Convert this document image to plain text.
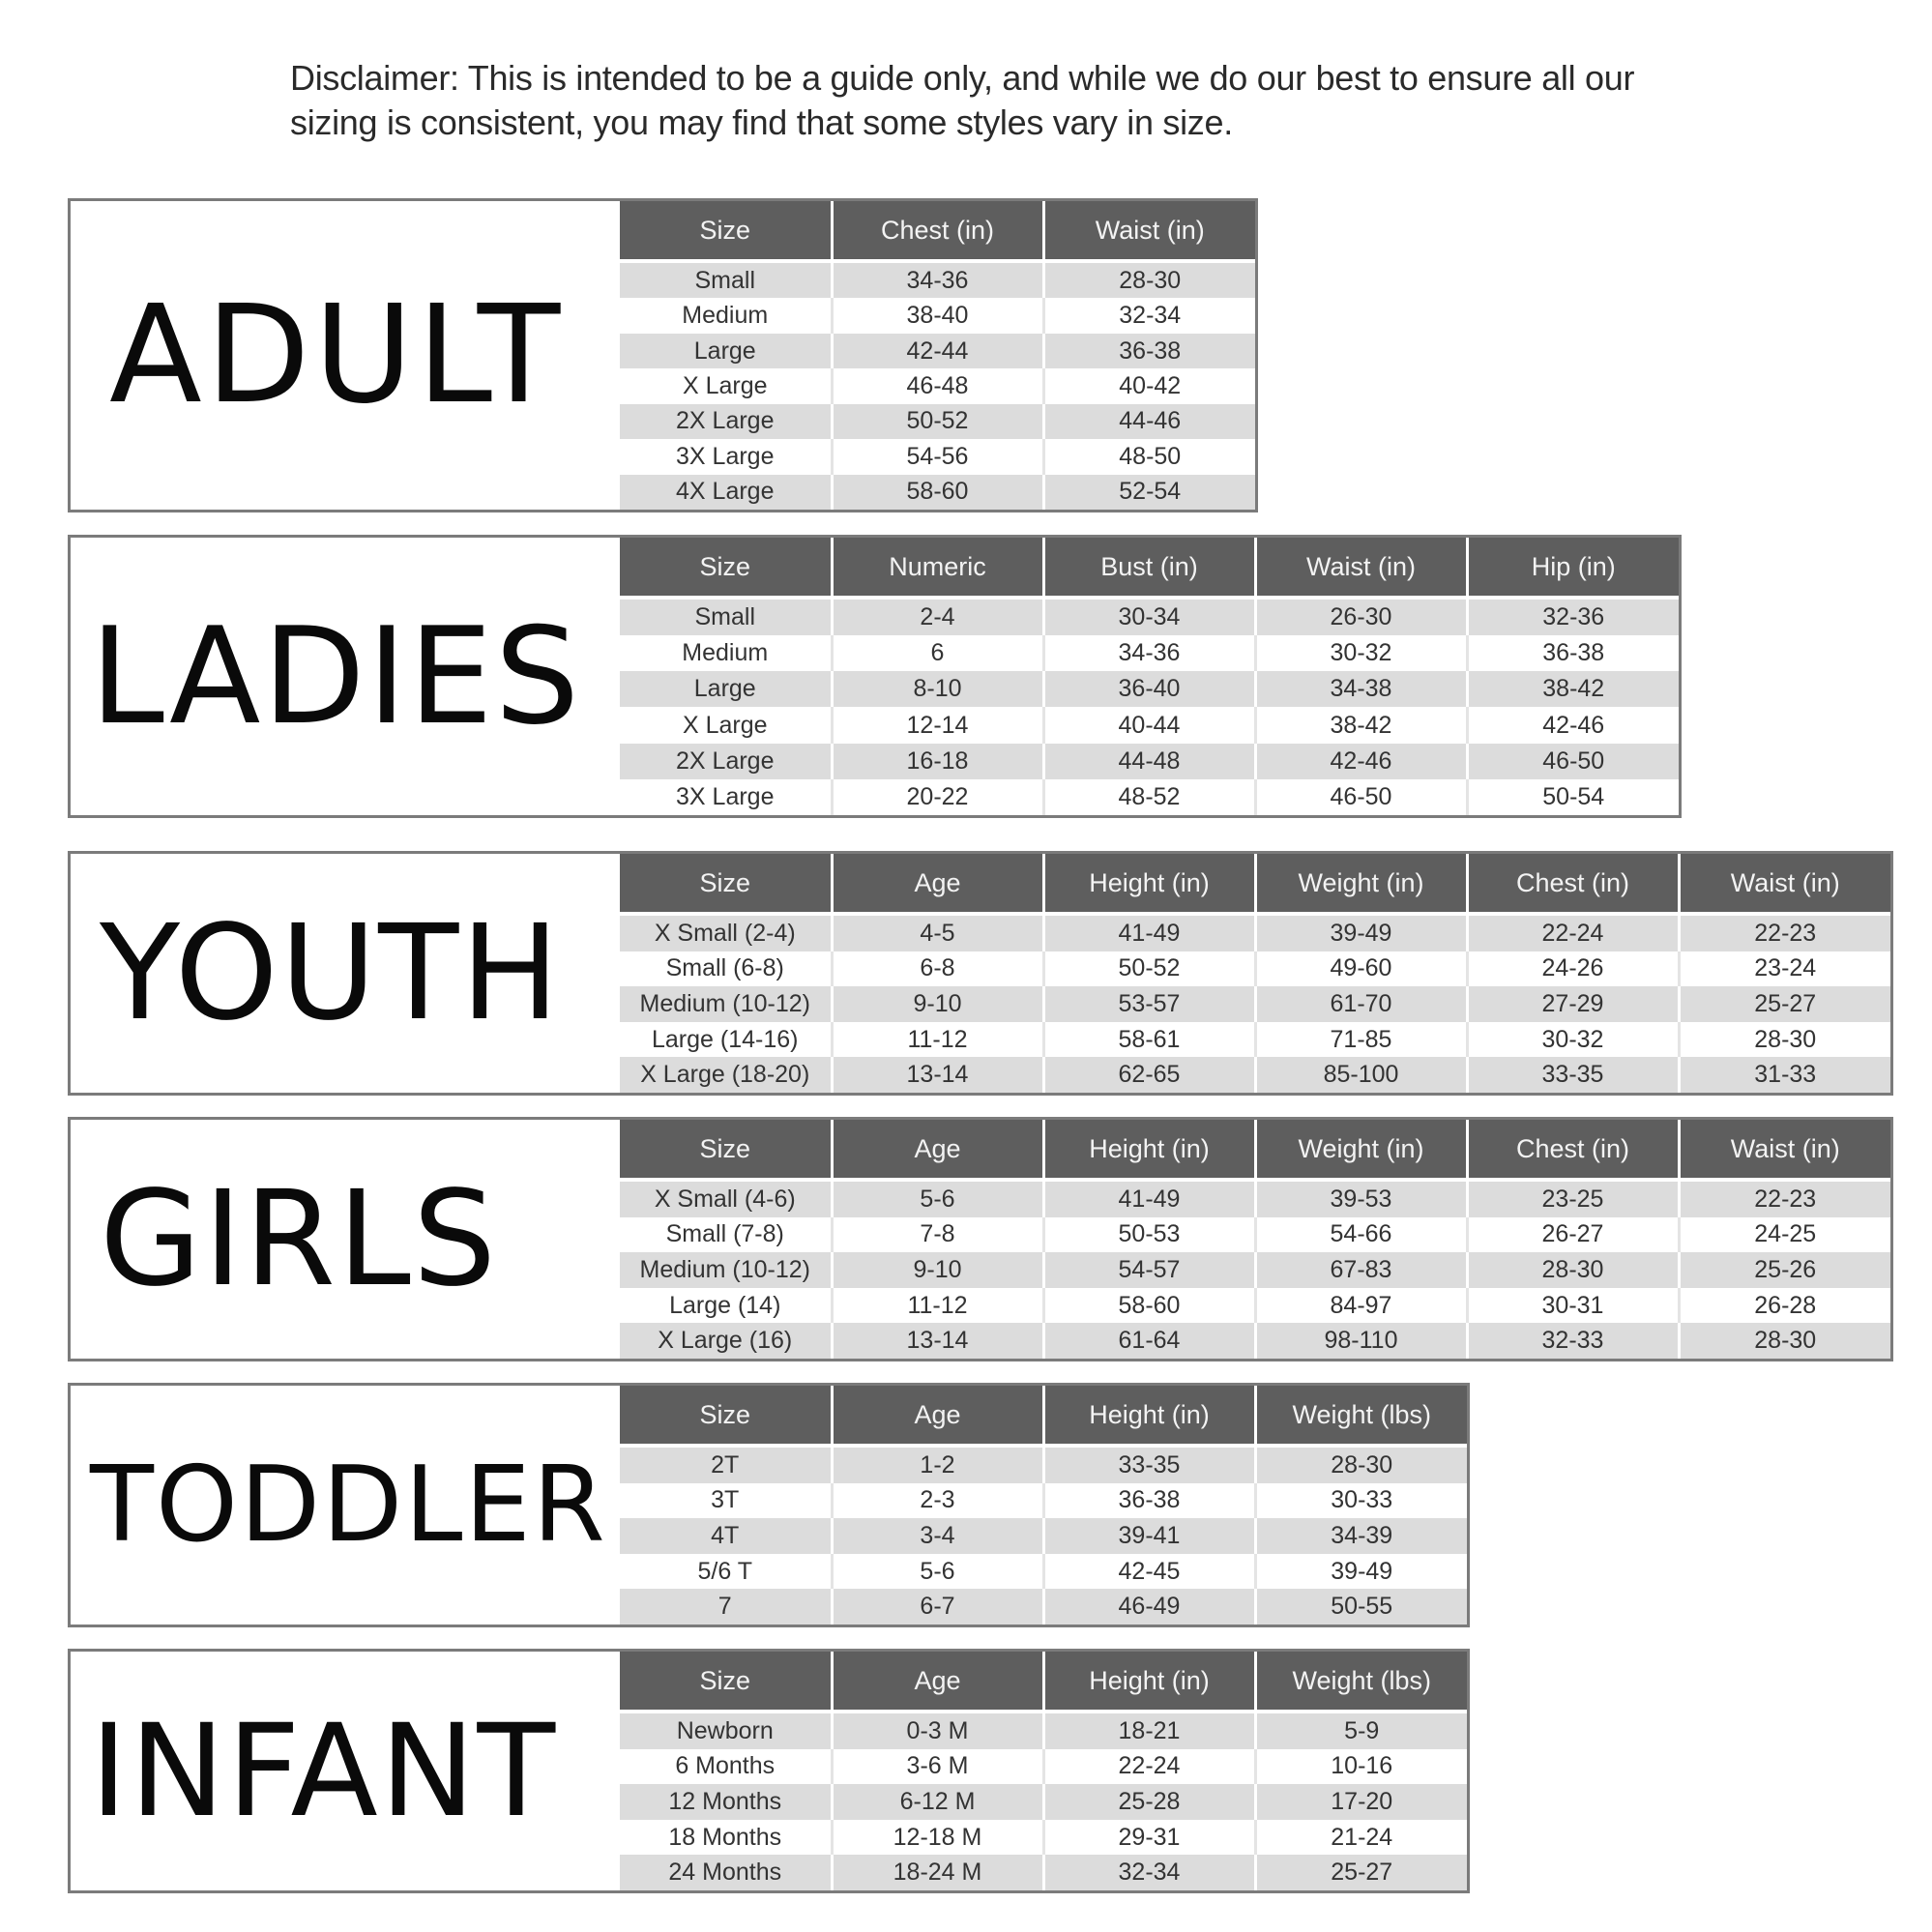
Disclaimer: This is intended to be a guide only, and while we do our best to ensure all our
sizing is consistent, you may find that some styles vary in size.
ADULT
Size	Chest (in)	Waist (in)
Small	34-36	28-30
Medium	38-40	32-34
Large	42-44	36-38
X Large	46-48	40-42
2X Large	50-52	44-46
3X Large	54-56	48-50
4X Large	58-60	52-54
LADIES
Size	Numeric	Bust (in)	Waist (in)	Hip (in)
Small	2-4	30-34	26-30	32-36
Medium	6	34-36	30-32	36-38
Large	8-10	36-40	34-38	38-42
X Large	12-14	40-44	38-42	42-46
2X Large	16-18	44-48	42-46	46-50
3X Large	20-22	48-52	46-50	50-54
YOUTH
Size	Age	Height (in)	Weight (in)	Chest (in)	Waist (in)
X Small (2-4)	4-5	41-49	39-49	22-24	22-23
Small (6-8)	6-8	50-52	49-60	24-26	23-24
Medium (10-12)	9-10	53-57	61-70	27-29	25-27
Large (14-16)	11-12	58-61	71-85	30-32	28-30
X Large (18-20)	13-14	62-65	85-100	33-35	31-33
GIRLS
Size	Age	Height (in)	Weight (in)	Chest (in)	Waist (in)
X Small (4-6)	5-6	41-49	39-53	23-25	22-23
Small (7-8)	7-8	50-53	54-66	26-27	24-25
Medium (10-12)	9-10	54-57	67-83	28-30	25-26
Large (14)	11-12	58-60	84-97	30-31	26-28
X Large (16)	13-14	61-64	98-110	32-33	28-30
TODDLER
Size	Age	Height (in)	Weight (lbs)
2T	1-2	33-35	28-30
3T	2-3	36-38	30-33
4T	3-4	39-41	34-39
5/6 T	5-6	42-45	39-49
7	6-7	46-49	50-55
INFANT
Size	Age	Height (in)	Weight (lbs)
Newborn	0-3 M	18-21	5-9
6 Months	3-6 M	22-24	10-16
12 Months	6-12 M	25-28	17-20
18 Months	12-18 M	29-31	21-24
24 Months	18-24 M	32-34	25-27
